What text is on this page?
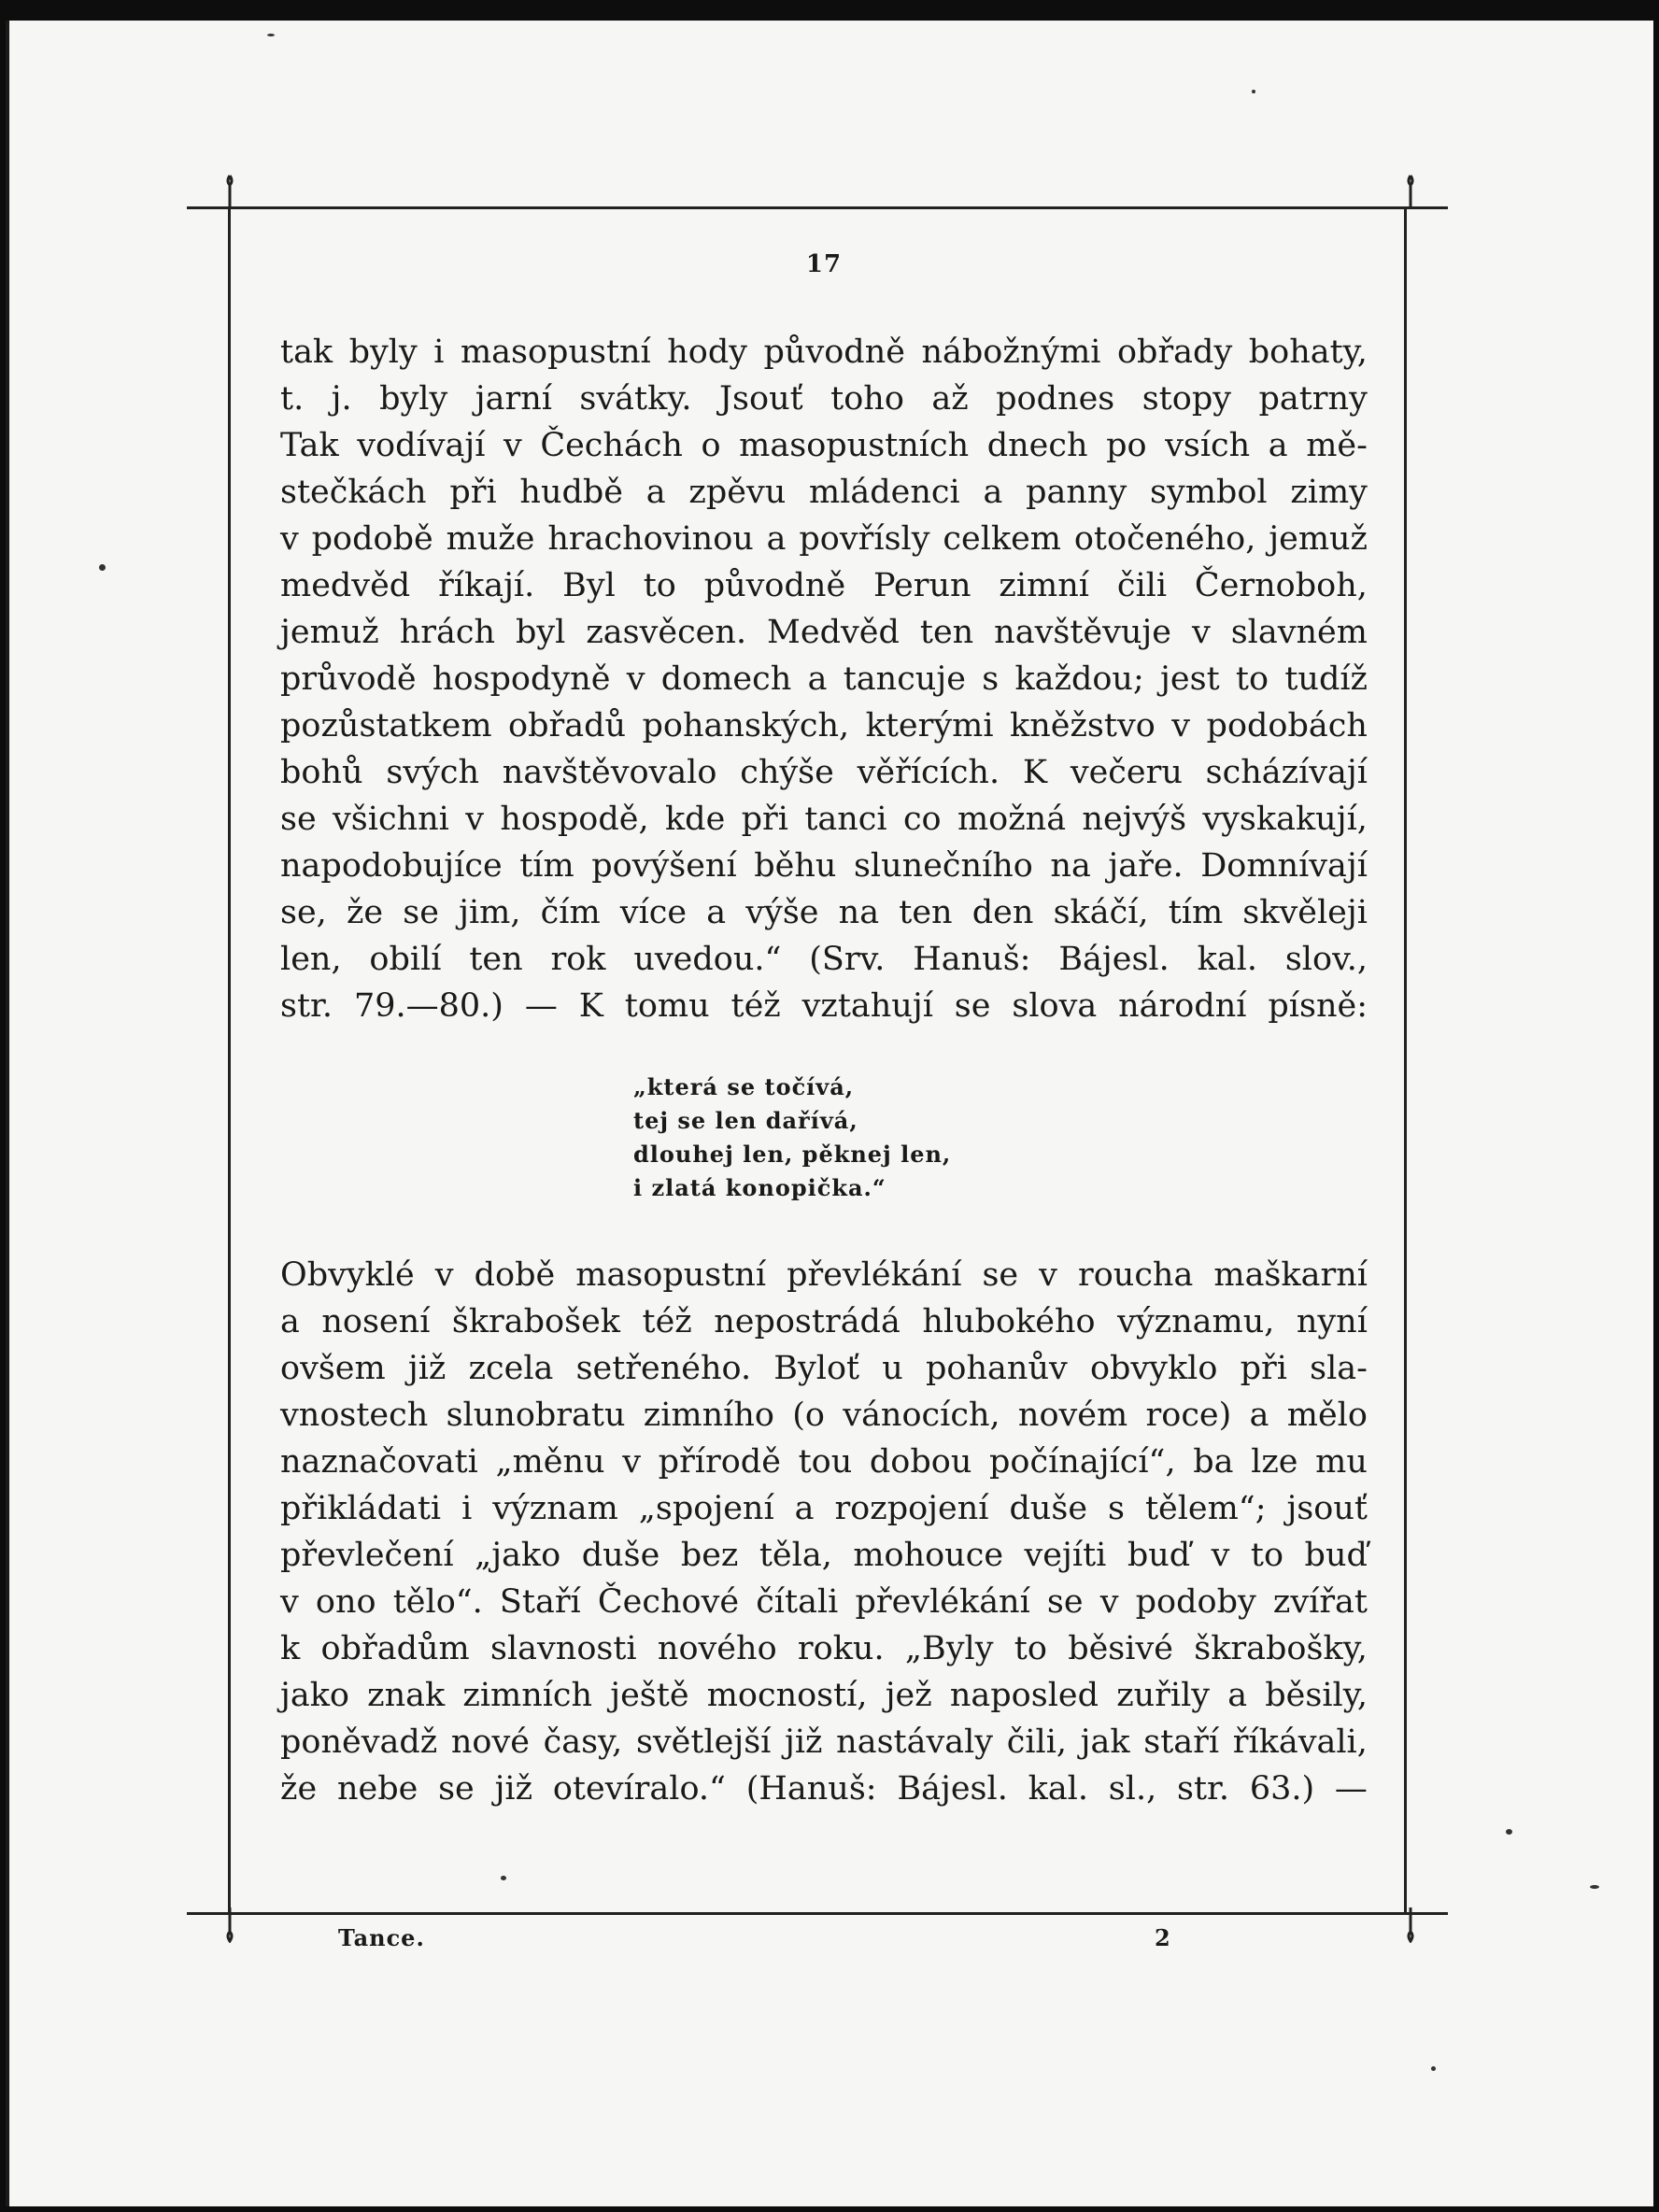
17
tak byly i masopustní hody původně nábožnými obřady bohaty,
t. j. byly jarní svátky. Jsouť toho až podnes stopy patrny
Tak vodívají v Čechách o masopustních dnech po vsích a mě-
stečkách při hudbě a zpěvu mládenci a panny symbol zimy
v podobě muže hrachovinou a povřísly celkem otočeného, jemuž
medvěd říkají. Byl to původně Perun zimní čili Černoboh,
jemuž hrách byl zasvěcen. Medvěd ten navštěvuje v slavném
průvodě hospodyně v domech a tancuje s každou; jest to tudíž
pozůstatkem obřadů pohanských, kterými kněžstvo v podobách
bohů svých navštěvovalo chýše věřících. K večeru scházívají
se všichni v hospodě, kde při tanci co možná nejvýš vyskakují,
napodobujíce tím povýšení běhu slunečního na jaře. Domnívají
se, že se jim, čím více a výše na ten den skáčí, tím skvěleji
len, obilí ten rok uvedou.“ (Srv. Hanuš: Bájesl. kal. slov.,
str. 79.—80.) — K tomu též vztahují se slova národní písně:
„která se točívá,
tej se len dařívá,
dlouhej len, pěknej len,
i zlatá konopička.“
Obvyklé v době masopustní převlékání se v roucha maškarní
a nosení škrabošek též nepostrádá hlubokého významu, nyní
ovšem již zcela setřeného. Byloť u pohanův obvyklo při sla-
vnostech slunobratu zimního (o vánocích, novém roce) a mělo
naznačovati „měnu v přírodě tou dobou počínající“, ba lze mu
přikládati i význam „spojení a rozpojení duše s tělem“; jsouť
převlečení „jako duše bez těla, mohouce vejíti buď v to buď
v ono tělo“. Staří Čechové čítali převlékání se v podoby zvířat
k obřadům slavnosti nového roku. „Byly to běsivé škrabošky,
jako znak zimních ještě mocností, jež naposled zuřily a běsily,
poněvadž nové časy, světlejší již nastávaly čili, jak staří říkávali,
že nebe se již otevíralo.“ (Hanuš: Bájesl. kal. sl., str. 63.) —
Tance.	2
